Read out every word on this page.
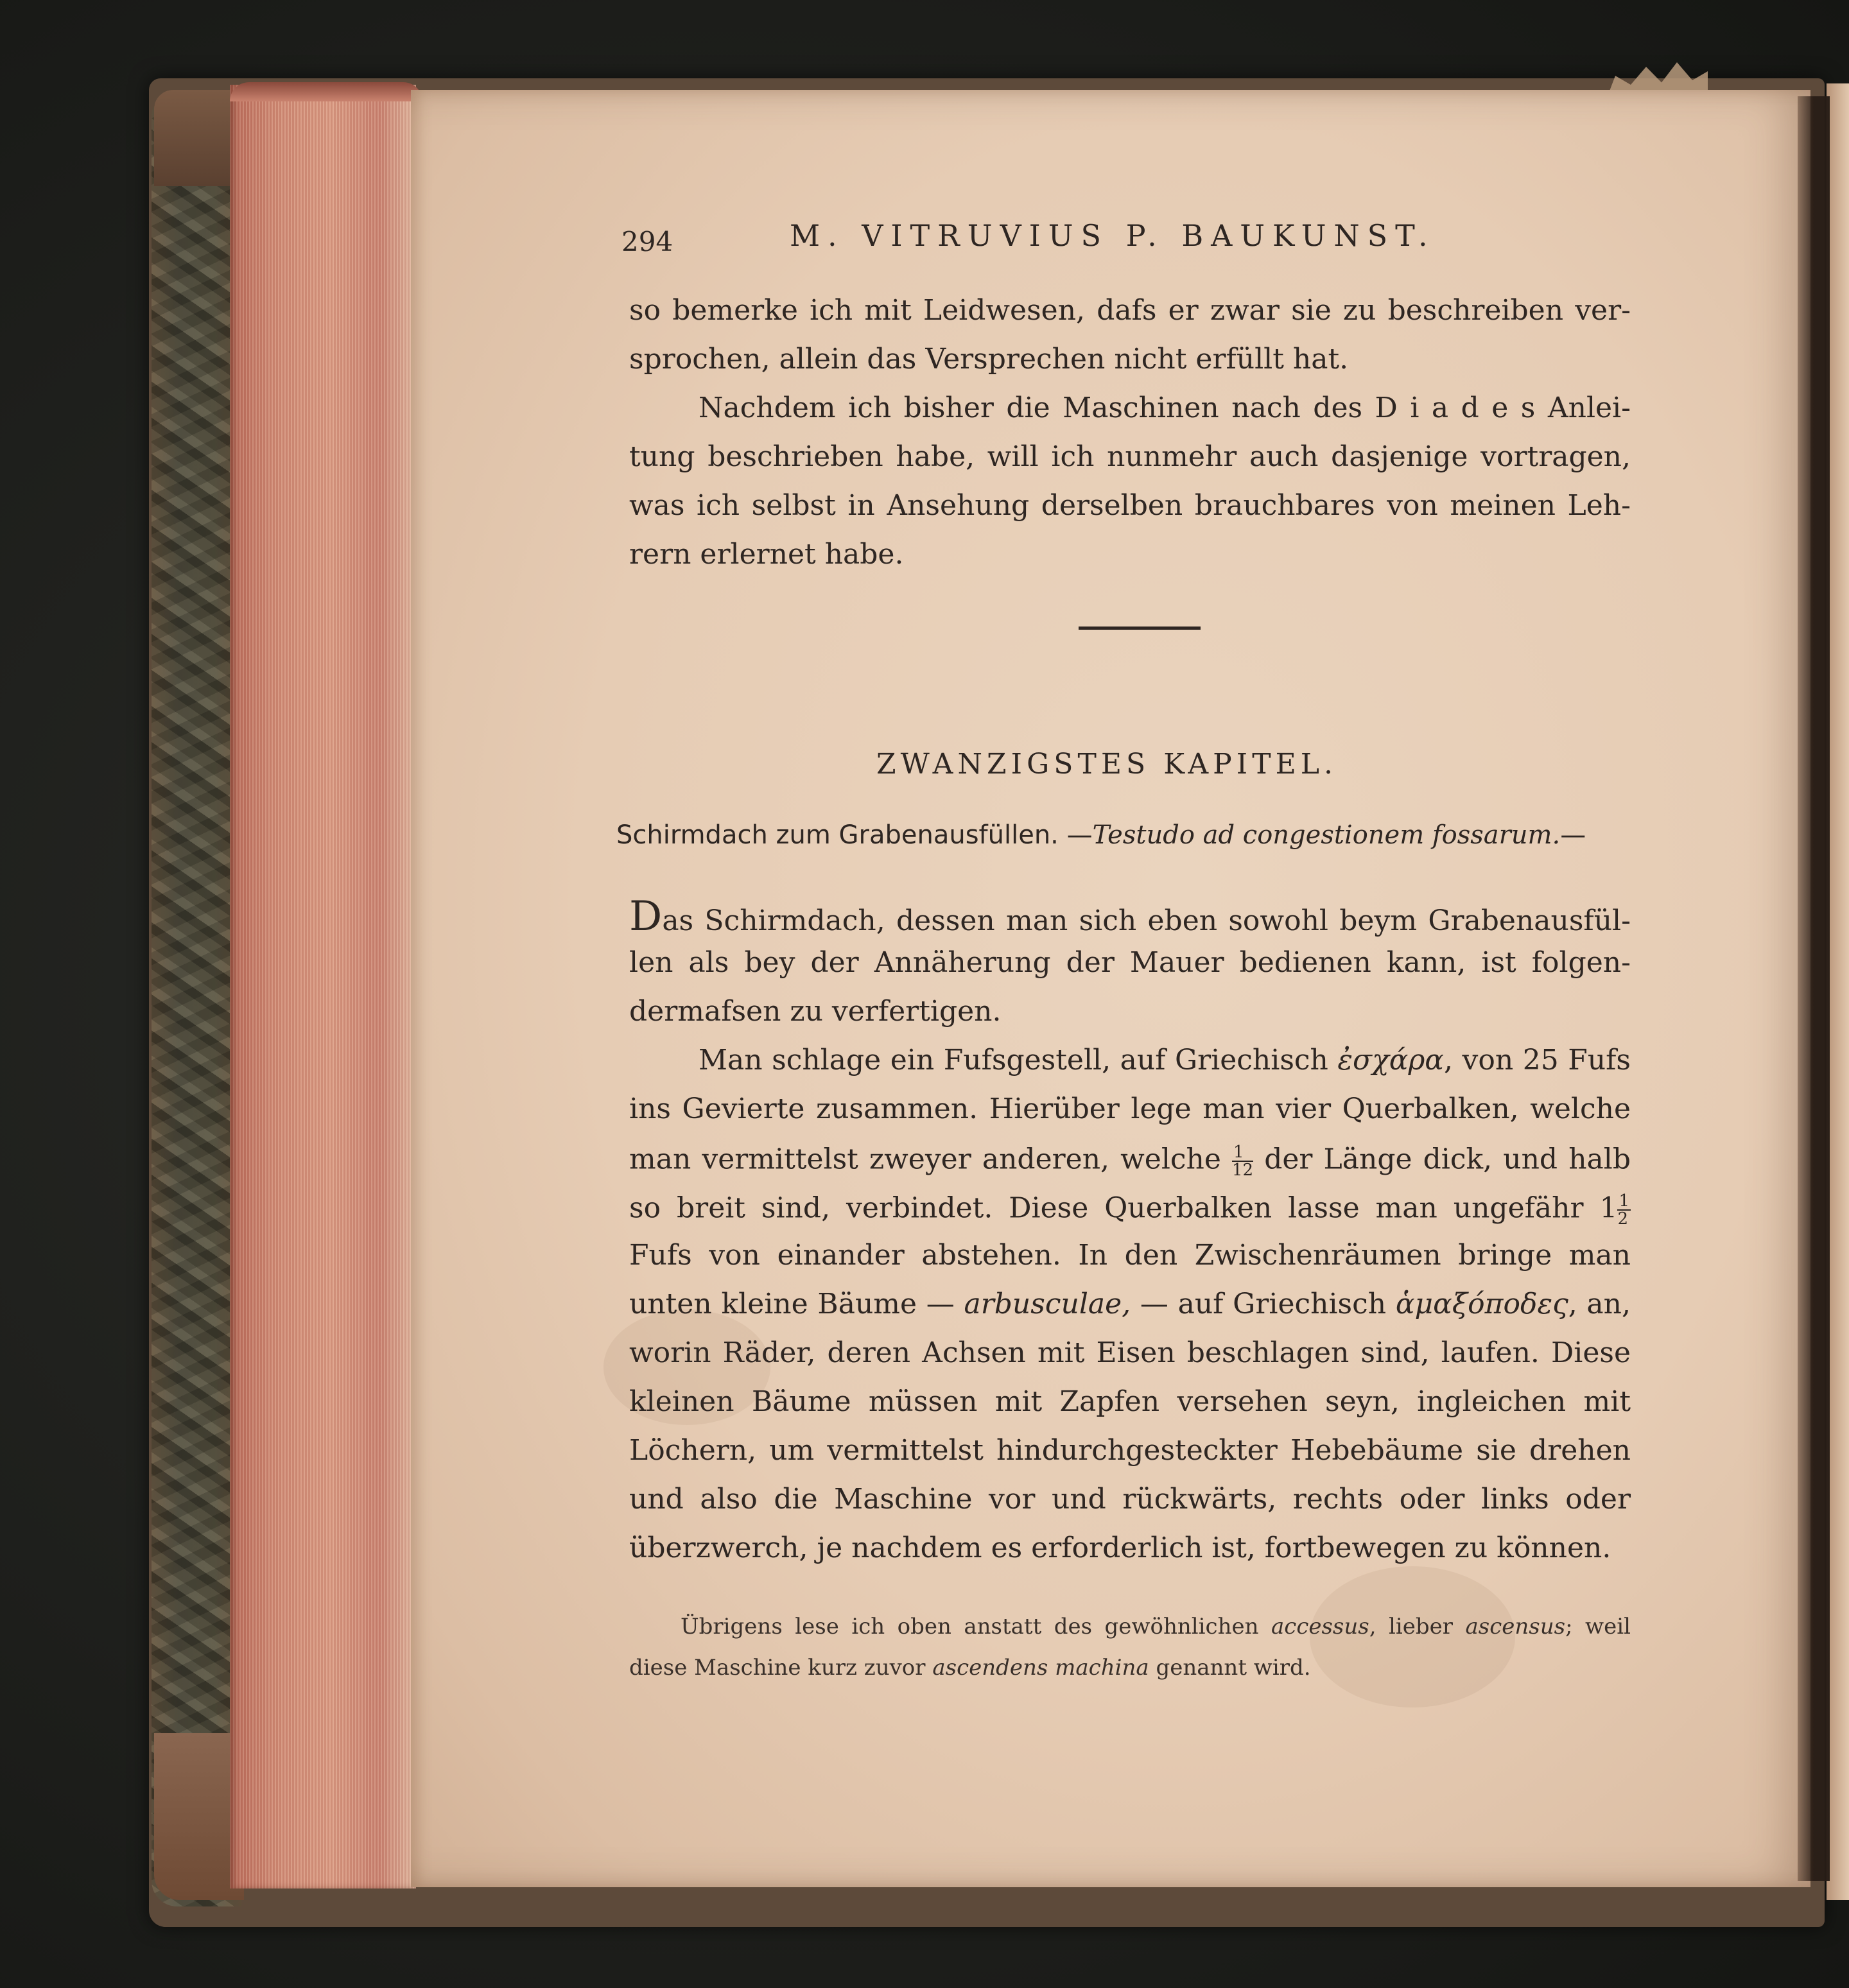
294	M. VITRUVIUS P. BAUKUNST.
so bemerke ich mit Leidwesen, dafs er zwar sie zu beschreiben ver-
sprochen, allein das Versprechen nicht erfüllt hat.
Nachdem ich bisher die Maschinen nach des D i a d e s Anlei-
tung beschrieben habe, will ich nunmehr auch dasjenige vortragen,
was ich selbst in Ansehung derselben brauchbares von meinen Leh-
rern erlernet habe.
ZWANZIGSTES KAPITEL.
Schirmdach zum Grabenausfüllen. —Testudo ad congestionem fossarum.—
Das Schirmdach, dessen man sich eben sowohl beym Grabenausfül-
len als bey der Annäherung der Mauer bedienen kann, ist folgen-
dermafsen zu verfertigen.
Man schlage ein Fufsgestell, auf Griechisch ἐσχάρα, von 25 Fufs
ins Gevierte zusammen. Hierüber lege man vier Querbalken, welche
man vermittelst zweyer anderen, welche $\frac{1}{12}$ der Länge dick, und halb
so breit sind, verbindet. Diese Querbalken lasse man ungefähr $1 \frac{1}{2}$
Fufs von einander abstehen. In den Zwischenräumen bringe man
unten kleine Bäume — arbusculae, — auf Griechisch ἁμαξόποδες, an,
worin Räder, deren Achsen mit Eisen beschlagen sind, laufen. Diese
kleinen Bäume müssen mit Zapfen versehen seyn, ingleichen mit
Löchern, um vermittelst hindurchgesteckter Hebebäume sie drehen
und also die Maschine vor und rückwärts, rechts oder links oder
überzwerch, je nachdem es erforderlich ist, fortbewegen zu können.
Übrigens lese ich oben anstatt des gewöhnlichen accessus, lieber ascensus; weil
diese Maschine kurz zuvor ascendens machina genannt wird.
